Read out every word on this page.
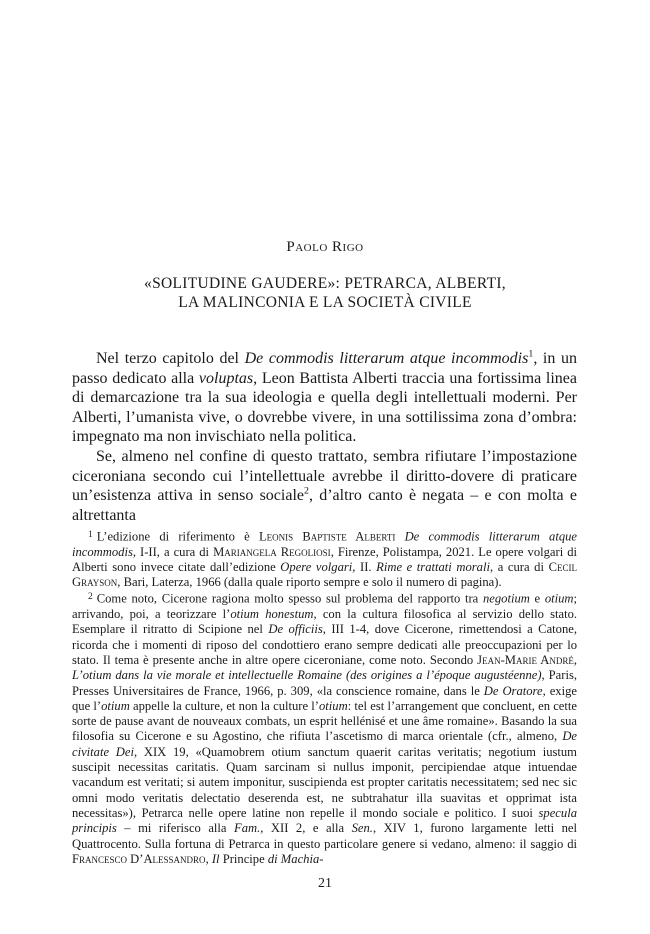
Paolo Rigo
«SOLITUDINE GAUDERE»: PETRARCA, ALBERTI,
LA MALINCONIA E LA SOCIETÀ CIVILE

Nel terzo capitolo del De commodis litterarum atque incommodis$^1$, in un passo dedicato alla voluptas, Leon Battista Alberti traccia una fortissima linea di demarcazione tra la sua ideologia e quella degli intellettuali moderni. Per Alberti, l’umanista vive, o dovrebbe vivere, in una sottilissima zona d’ombra: impegnato ma non invischiato nella politica.

Se, almeno nel confine di questo trattato, sembra rifiutare l’impostazione ciceroniana secondo cui l’intellettuale avrebbe il diritto-dovere di praticare un’esistenza attiva in senso sociale$^2$, d’altro canto è negata – e con molta e altrettanta

$^1$ L’edizione di riferimento è Leonis Baptiste Alberti De commodis litterarum atque incommodis, I-II, a cura di Mariangela Regoliosi, Firenze, Polistampa, 2021. Le opere volgari di Alberti sono invece citate dall’edizione Opere volgari, II. Rime e trattati morali, a cura di Cecil Grayson, Bari, Laterza, 1966 (dalla quale riporto sempre e solo il numero di pagina).

$^2$ Come noto, Cicerone ragiona molto spesso sul problema del rapporto tra negotium e otium; arrivando, poi, a teorizzare l’otium honestum, con la cultura filosofica al servizio dello stato. Esemplare il ritratto di Scipione nel De officiis, III 1-4, dove Cicerone, rimettendosi a Catone, ricorda che i momenti di riposo del condottiero erano sempre dedicati alle preoccupazioni per lo stato. Il tema è presente anche in altre opere ciceroniane, come noto. Secondo Jean-Marie André, L’otium dans la vie morale et intellectuelle Romaine (des origines a l’époque augustéenne), Paris, Presses Universitaires de France, 1966, p. 309, «la conscience romaine, dans le De Oratore, exige que l’otium appelle la culture, et non la culture l’otium: tel est l’arrangement que concluent, en cette sorte de pause avant de nouveaux combats, un esprit hellénisé et une âme romaine». Basando la sua filosofia su Cicerone e su Agostino, che rifiuta l’ascetismo di marca orientale (cfr., almeno, De civitate Dei, XIX 19, «Quamobrem otium sanctum quaerit caritas veritatis; negotium iustum suscipit necessitas caritatis. Quam sarcinam si nullus imponit, percipiendae atque intuendae vacandum est veritati; si autem imponitur, suscipienda est propter caritatis necessitatem; sed nec sic omni modo veritatis delectatio deserenda est, ne subtrahatur illa suavitas et opprimat ista necessitas»), Petrarca nelle opere latine non repelle il mondo sociale e politico. I suoi specula principis – mi riferisco alla Fam., XII 2, e alla Sen., XIV 1, furono largamente letti nel Quattrocento. Sulla fortuna di Petrarca in questo particolare genere si vedano, almeno: il saggio di Francesco D’Alessandro, Il Principe di Machia-

21
